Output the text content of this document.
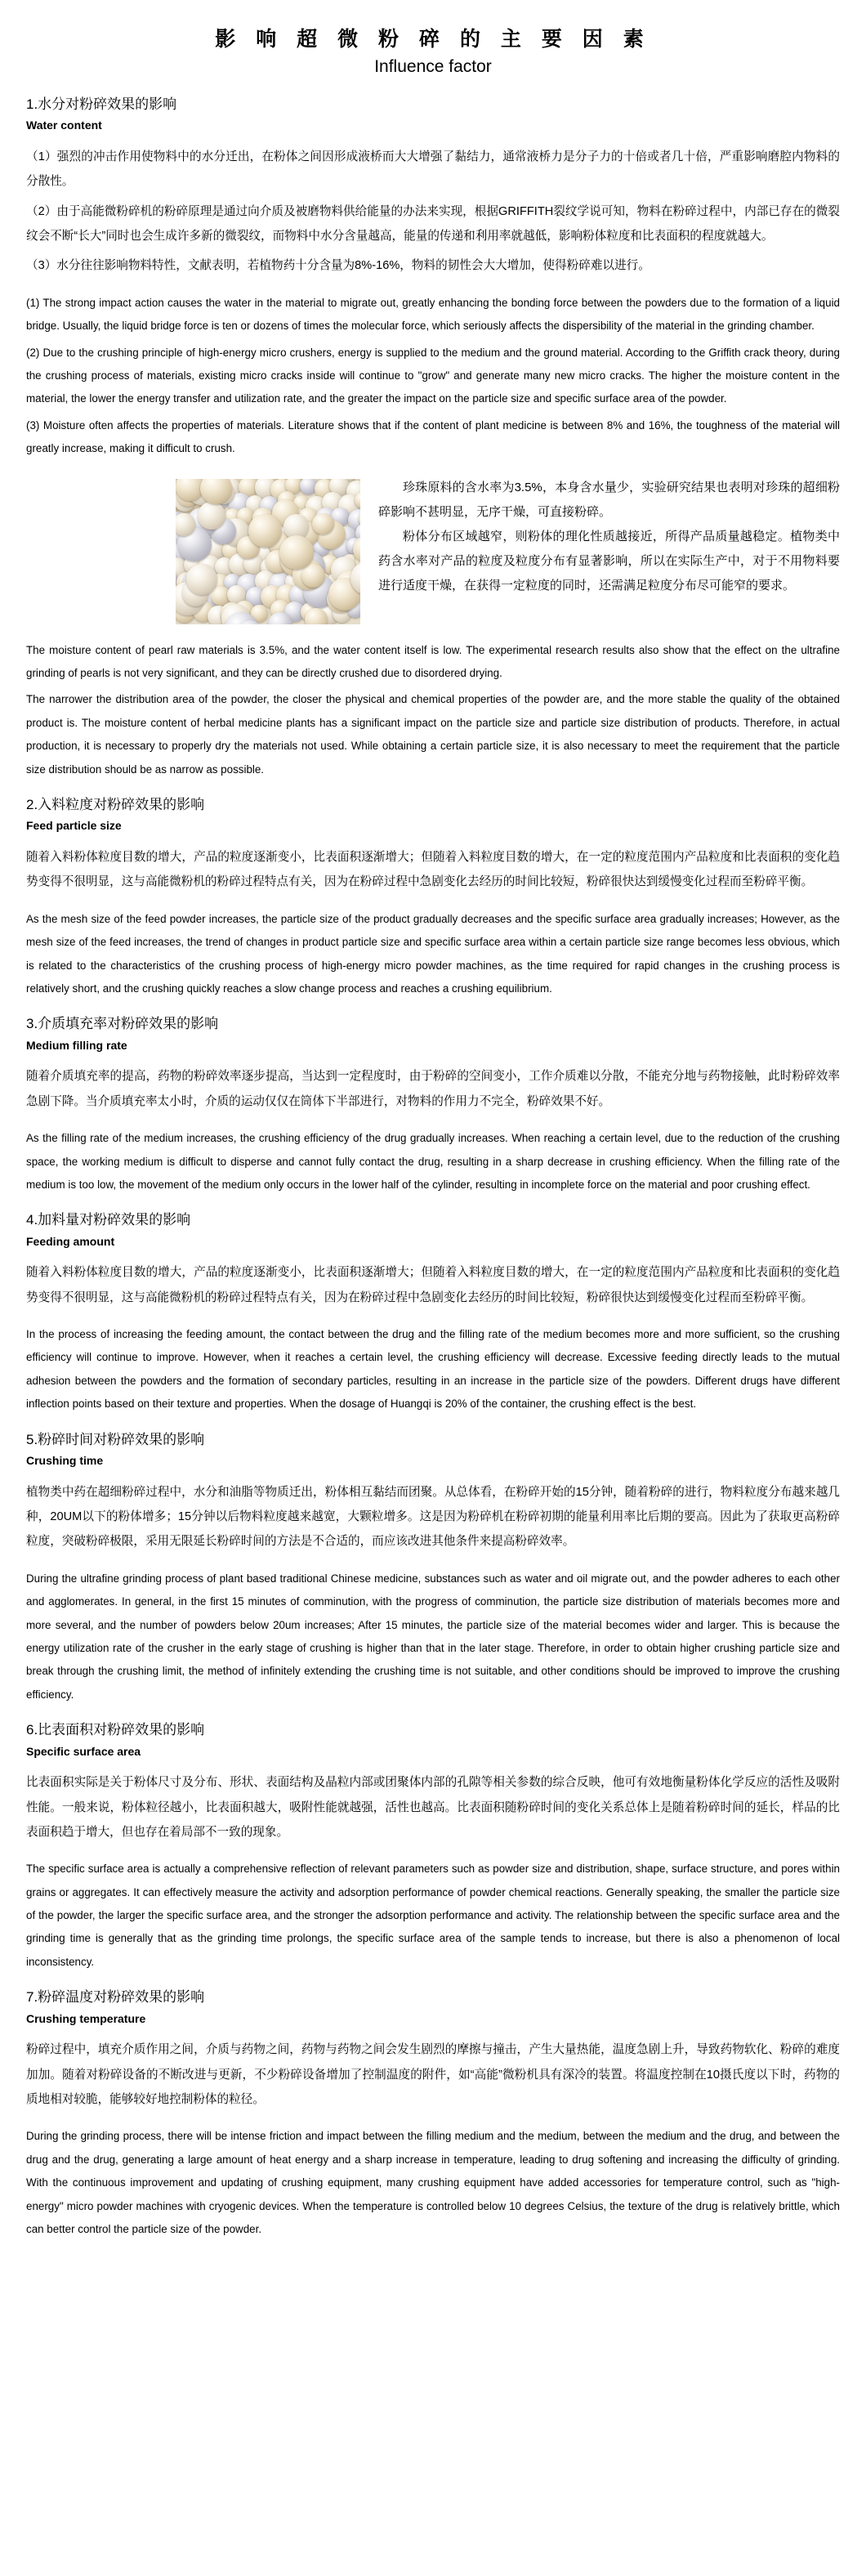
影 响 超 微 粉 碎 的 主 要 因 素
Influence factor
1.水分对粉碎效果的影响
Water content

（1）强烈的冲击作用使物料中的水分迁出，在粉体之间因形成液桥而大大增强了黏结力，通常液桥力是分子力的十倍或者几十倍，严重影响磨腔内物料的分散性。

（2）由于高能微粉碎机的粉碎原理是通过向介质及被磨物料供给能量的办法来实现，根据GRIFFITH裂纹学说可知，物料在粉碎过程中，内部已存在的微裂纹会不断“长大”同时也会生成许多新的微裂纹，而物料中水分含量越高，能量的传递和利用率就越低，影响粉体粒度和比表面积的程度就越大。

（3）水分往往影响物料特性，文献表明，若植物药十分含量为8%-16%，物料的韧性会大大增加，使得粉碎难以进行。

(1) The strong impact action causes the water in the material to migrate out, greatly enhancing the bonding force between the powders due to the formation of a liquid bridge. Usually, the liquid bridge force is ten or dozens of times the molecular force, which seriously affects the dispersibility of the material in the grinding chamber.

(2) Due to the crushing principle of high-energy micro crushers, energy is supplied to the medium and the ground material. According to the Griffith crack theory, during the crushing process of materials, existing micro cracks inside will continue to "grow" and generate many new micro cracks. The higher the moisture content in the material, the lower the energy transfer and utilization rate, and the greater the impact on the particle size and specific surface area of the powder.

(3) Moisture often affects the properties of materials. Literature shows that if the content of plant medicine is between 8% and 16%, the toughness of the material will greatly increase, making it difficult to crush.

珍珠原料的含水率为3.5%，本身含水量少，实验研究结果也表明对珍珠的超细粉碎影响不甚明显，无序干燥，可直接粉碎。

粉体分布区域越窄，则粉体的理化性质越接近，所得产品质量越稳定。植物类中药含水率对产品的粒度及粒度分布有显著影响，所以在实际生产中，对于不用物料要进行适度干燥，在获得一定粒度的同时，还需满足粒度分布尽可能窄的要求。

The moisture content of pearl raw materials is 3.5%, and the water content itself is low. The experimental research results also show that the effect on the ultrafine grinding of pearls is not very significant, and they can be directly crushed due to disordered drying.

The narrower the distribution area of the powder, the closer the physical and chemical properties of the powder are, and the more stable the quality of the obtained product is. The moisture content of herbal medicine plants has a significant impact on the particle size and particle size distribution of products. Therefore, in actual production, it is necessary to properly dry the materials not used. While obtaining a certain particle size, it is also necessary to meet the requirement that the particle size distribution should be as narrow as possible.

2.入料粒度对粉碎效果的影响
Feed particle size

随着入料粉体粒度目数的增大，产品的粒度逐渐变小，比表面积逐渐增大；但随着入料粒度目数的增大，在一定的粒度范围内产品粒度和比表面积的变化趋势变得不很明显，这与高能微粉机的粉碎过程特点有关，因为在粉碎过程中急剧变化去经历的时间比较短，粉碎很快达到缓慢变化过程而至粉碎平衡。

As the mesh size of the feed powder increases, the particle size of the product gradually decreases and the specific surface area gradually increases; However, as the mesh size of the feed increases, the trend of changes in product particle size and specific surface area within a certain particle size range becomes less obvious, which is related to the characteristics of the crushing process of high-energy micro powder machines, as the time required for rapid changes in the crushing process is relatively short, and the crushing quickly reaches a slow change process and reaches a crushing equilibrium.

3.介质填充率对粉碎效果的影响
Medium filling rate

随着介质填充率的提高，药物的粉碎效率逐步提高，当达到一定程度时，由于粉碎的空间变小，工作介质难以分散，不能充分地与药物接触，此时粉碎效率急剧下降。当介质填充率太小时，介质的运动仅仅在筒体下半部进行，对物料的作用力不完全，粉碎效果不好。

As the filling rate of the medium increases, the crushing efficiency of the drug gradually increases. When reaching a certain level, due to the reduction of the crushing space, the working medium is difficult to disperse and cannot fully contact the drug, resulting in a sharp decrease in crushing efficiency. When the filling rate of the medium is too low, the movement of the medium only occurs in the lower half of the cylinder, resulting in incomplete force on the material and poor crushing effect.

4.加料量对粉碎效果的影响
Feeding amount

随着入料粉体粒度目数的增大，产品的粒度逐渐变小，比表面积逐渐增大；但随着入料粒度目数的增大，在一定的粒度范围内产品粒度和比表面积的变化趋势变得不很明显，这与高能微粉机的粉碎过程特点有关，因为在粉碎过程中急剧变化去经历的时间比较短，粉碎很快达到缓慢变化过程而至粉碎平衡。

In the process of increasing the feeding amount, the contact between the drug and the filling rate of the medium becomes more and more sufficient, so the crushing efficiency will continue to improve. However, when it reaches a certain level, the crushing efficiency will decrease. Excessive feeding directly leads to the mutual adhesion between the powders and the formation of secondary particles, resulting in an increase in the particle size of the powders. Different drugs have different inflection points based on their texture and properties. When the dosage of Huangqi is 20% of the container, the crushing effect is the best.

5.粉碎时间对粉碎效果的影响
Crushing time

植物类中药在超细粉碎过程中，水分和油脂等物质迁出，粉体相互黏结而团聚。从总体看，在粉碎开始的15分钟，随着粉碎的进行，物料粒度分布越来越几种，20UM以下的粉体增多；15分钟以后物料粒度越来越宽，大颗粒增多。这是因为粉碎机在粉碎初期的能量利用率比后期的要高。因此为了获取更高粉碎粒度，突破粉碎极限，采用无限延长粉碎时间的方法是不合适的，而应该改进其他条件来提高粉碎效率。

During the ultrafine grinding process of plant based traditional Chinese medicine, substances such as water and oil migrate out, and the powder adheres to each other and agglomerates. In general, in the first 15 minutes of comminution, with the progress of comminution, the particle size distribution of materials becomes more and more several, and the number of powders below 20um increases; After 15 minutes, the particle size of the material becomes wider and larger. This is because the energy utilization rate of the crusher in the early stage of crushing is higher than that in the later stage. Therefore, in order to obtain higher crushing particle size and break through the crushing limit, the method of infinitely extending the crushing time is not suitable, and other conditions should be improved to improve the crushing efficiency.

6.比表面积对粉碎效果的影响
Specific surface area

比表面积实际是关于粉体尺寸及分布、形状、表面结构及晶粒内部或团聚体内部的孔隙等相关参数的综合反映，他可有效地衡量粉体化学反应的活性及吸附性能。一般来说，粉体粒径越小，比表面积越大，吸附性能就越强，活性也越高。比表面积随粉碎时间的变化关系总体上是随着粉碎时间的延长，样品的比表面积趋于增大，但也存在着局部不一致的现象。

The specific surface area is actually a comprehensive reflection of relevant parameters such as powder size and distribution, shape, surface structure, and pores within grains or aggregates. It can effectively measure the activity and adsorption performance of powder chemical reactions. Generally speaking, the smaller the particle size of the powder, the larger the specific surface area, and the stronger the adsorption performance and activity. The relationship between the specific surface area and the grinding time is generally that as the grinding time prolongs, the specific surface area of the sample tends to increase, but there is also a phenomenon of local inconsistency.

7.粉碎温度对粉碎效果的影响
Crushing temperature

粉碎过程中，填充介质作用之间，介质与药物之间，药物与药物之间会发生剧烈的摩擦与撞击，产生大量热能，温度急剧上升，导致药物软化、粉碎的难度加加。随着对粉碎设备的不断改进与更新，不少粉碎设备增加了控制温度的附件，如“高能”微粉机具有深冷的装置。将温度控制在10摄氏度以下时，药物的质地相对较脆，能够较好地控制粉体的粒径。

During the grinding process, there will be intense friction and impact between the filling medium and the medium, between the medium and the drug, and between the drug and the drug, generating a large amount of heat energy and a sharp increase in temperature, leading to drug softening and increasing the difficulty of grinding. With the continuous improvement and updating of crushing equipment, many crushing equipment have added accessories for temperature control, such as "high-energy" micro powder machines with cryogenic devices. When the temperature is controlled below 10 degrees Celsius, the texture of the drug is relatively brittle, which can better control the particle size of the powder.
